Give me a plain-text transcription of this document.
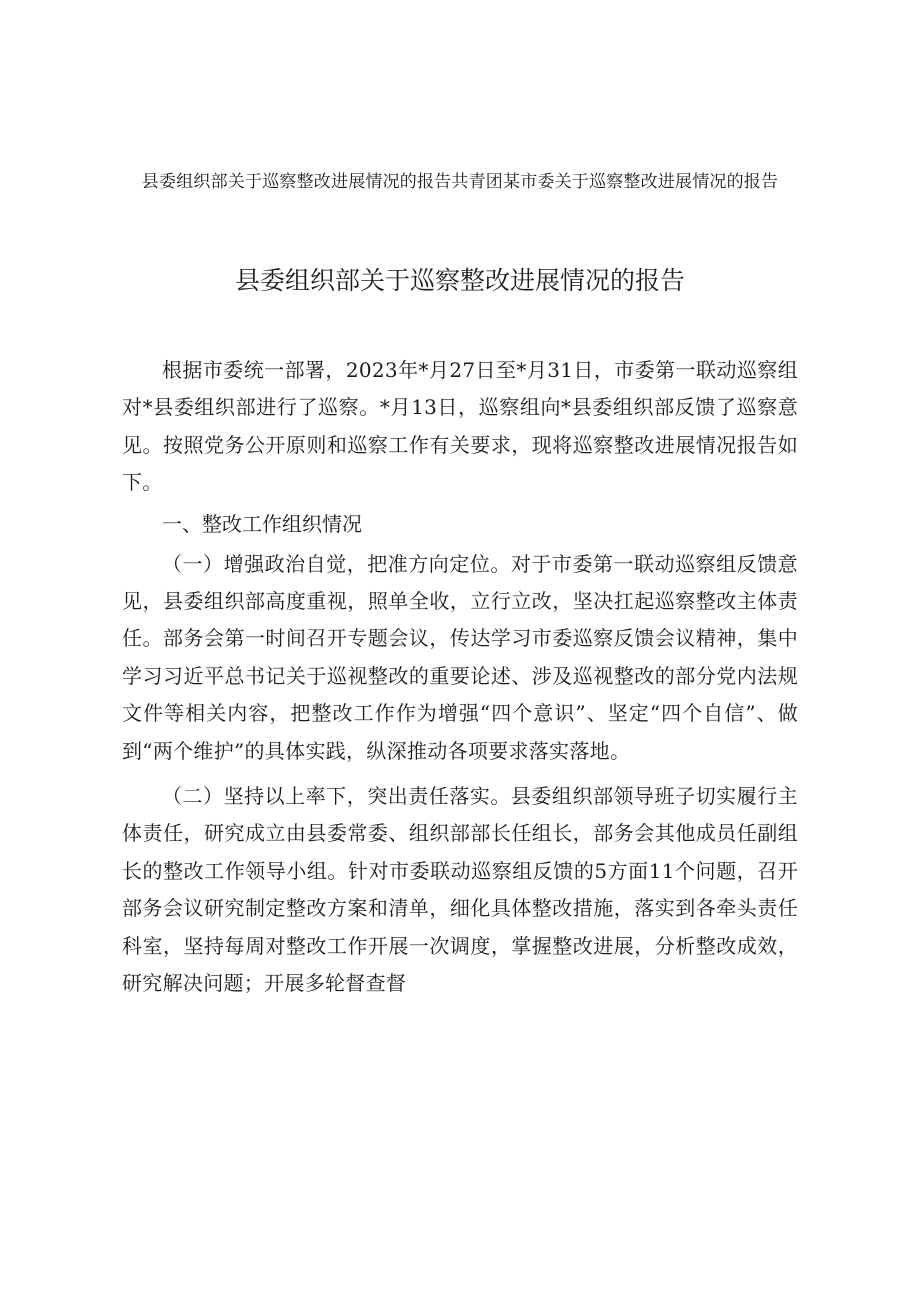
县委组织部关于巡察整改进展情况的报告共青团某市委关于巡察整改进展情况的报告
县委组织部关于巡察整改进展情况的报告

根据市委统一部署，2023年*月27日至*月31日，市委第一联动巡察组对*县委组织部进行了巡察。*月13日，巡察组向*县委组织部反馈了巡察意见。按照党务公开原则和巡察工作有关要求，现将巡察整改进展情况报告如下。

一、整改工作组织情况

（一）增强政治自觉，把准方向定位。对于市委第一联动巡察组反馈意见，县委组织部高度重视，照单全收，立行立改，坚决扛起巡察整改主体责任。部务会第一时间召开专题会议，传达学习市委巡察反馈会议精神，集中学习习近平总书记关于巡视整改的重要论述、涉及巡视整改的部分党内法规文件等相关内容，把整改工作作为增强“四个意识”、坚定“四个自信”、做到“两个维护”的具体实践，纵深推动各项要求落实落地。

（二）坚持以上率下，突出责任落实。县委组织部领导班子切实履行主体责任，研究成立由县委常委、组织部部长任组长，部务会其他成员任副组长的整改工作领导小组。针对市委联动巡察组反馈的5方面11个问题，召开部务会议研究制定整改方案和清单，细化具体整改措施，落实到各牵头责任科室，坚持每周对整改工作开展一次调度，掌握整改进展，分析整改成效，研究解决问题；开展多轮督查督
